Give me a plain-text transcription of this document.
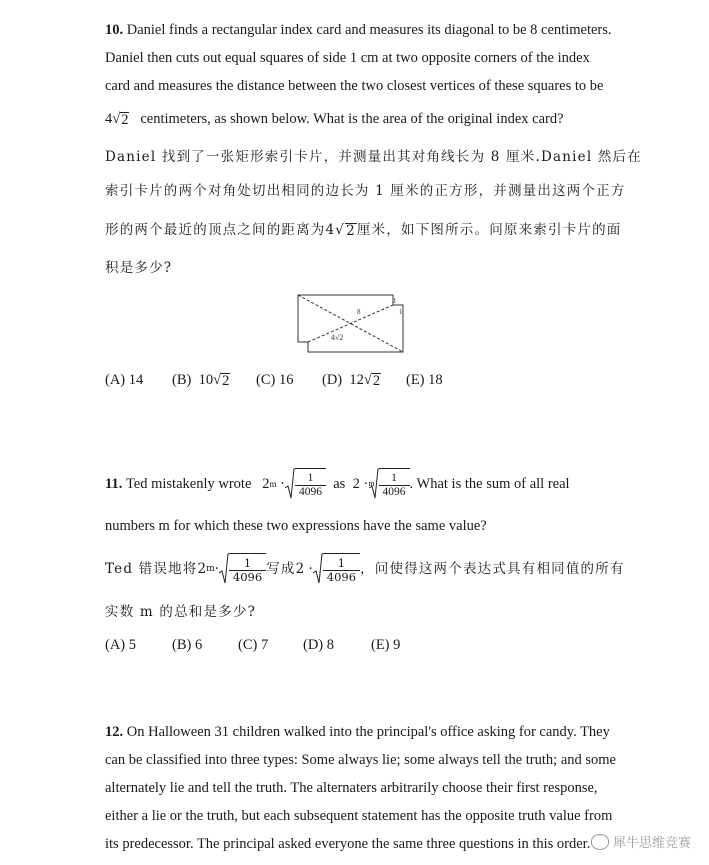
10. Daniel finds a rectangular index card and measures its diagonal to be 8 centimeters.
Daniel then cuts out equal squares of side 1 cm at two opposite corners of the index
card and measures the distance between the two closest vertices of these squares to be
4√ 2 centimeters, as shown below. What is the area of the original index card?
Daniel 找到了一张矩形索引卡片，并测量出其对角线长为 8 厘米.Daniel 然后在
索引卡片的两个对角处切出相同的边长为 1 厘米的正方形，并测量出这两个正方
形的两个最近的顶点之间的距离为4√ 2 厘米，如下图所示。问原来索引卡片的面
积是多少?
8
1
1
4√2
(A) 14 (B) 10√ 2 (C) 16 (D) 12√ 2 (E) 18
11.
Ted mistakenly wrote
2 $m \cdot \frac{1}{4096}$
as
2 · m $\frac{1}{4096}$ . What is the sum of all real
numbers m for which these two expressions have the same value?
Ted 错误地将 2 $m \cdot \frac{1}{4096}$ 写成 $2 \cdot \frac{1}{4096}$ ，问使得这两个表达式具有相同值的所有
实数 m 的总和是多少?
(A) 5 (B) 6 (C) 7 (D) 8	(E) 9
12. On Halloween 31 children walked into the principal's office asking for candy. They
can be classified into three types: Some always lie; some always tell the truth; and some
alternately lie and tell the truth. The alternaters arbitrarily choose their first response,
either a lie or the truth, but each subsequent statement has the opposite truth value from
its predecessor. The principal asked everyone the same three questions in this order. 犀牛思维竞赛
